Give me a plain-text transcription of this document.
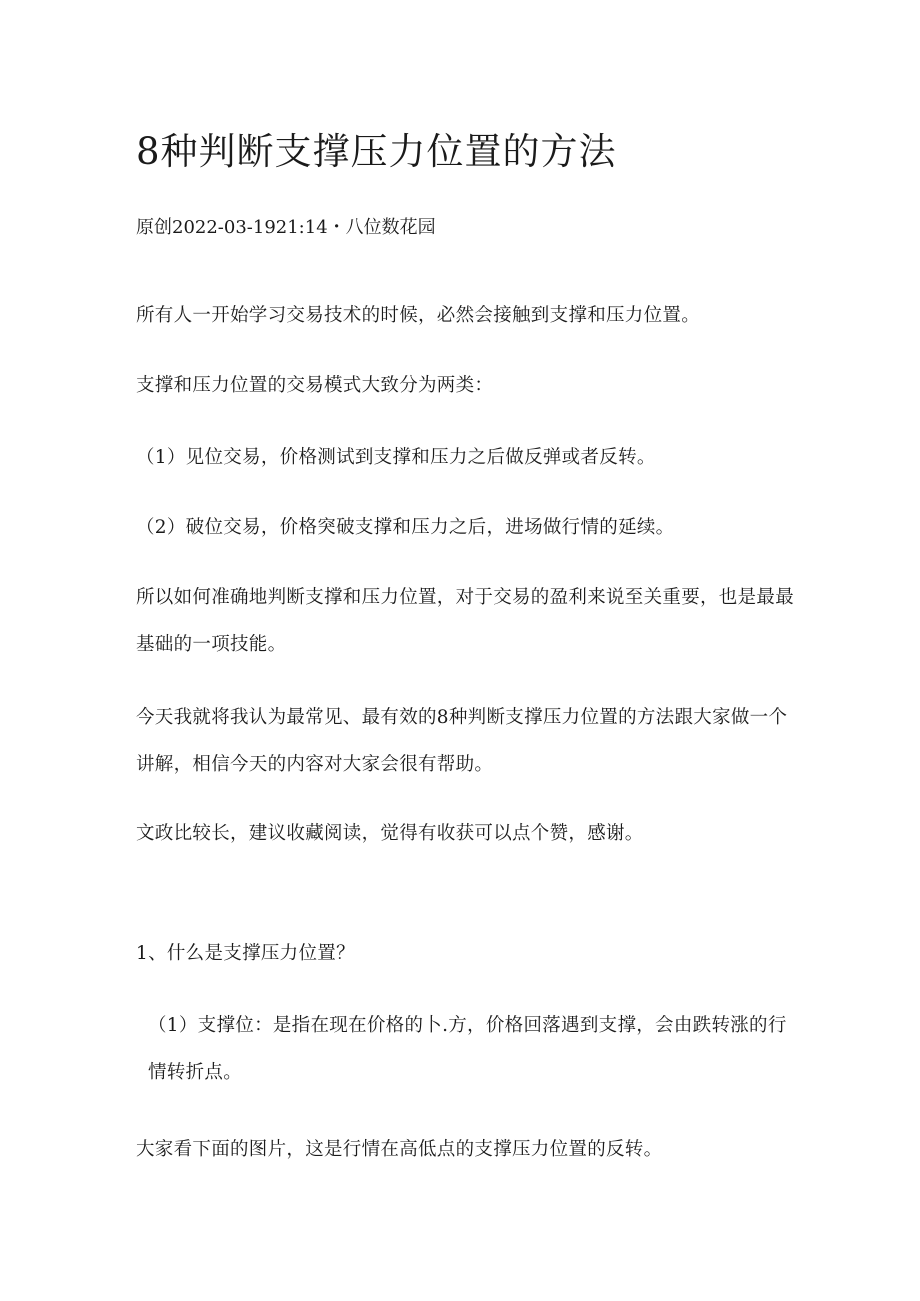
8种判断支撑压力位置的方法

原创2022-03-1921:14・八位数花园

所有人一开始学习交易技术的时候，必然会接触到支撑和压力位置。

支撑和压力位置的交易模式大致分为两类：

（1）见位交易，价格测试到支撑和压力之后做反弹或者反转。

（2）破位交易，价格突破支撑和压力之后，进场做行情的延续。

所以如何准确地判断支撑和压力位置，对于交易的盈利来说至关重要，也是最最基础的一项技能。

今天我就将我认为最常见、最有效的8种判断支撑压力位置的方法跟大家做一个讲解，相信今天的内容对大家会很有帮助。

文政比较长，建议收藏阅读，觉得有收获可以点个赞，感谢。

1、什么是支撑压力位置？

（1）支撑位：是指在现在价格的卜.方，价格回落遇到支撑，会由跌转涨的行情转折点。

大家看下面的图片，这是行情在高低点的支撑压力位置的反转。
